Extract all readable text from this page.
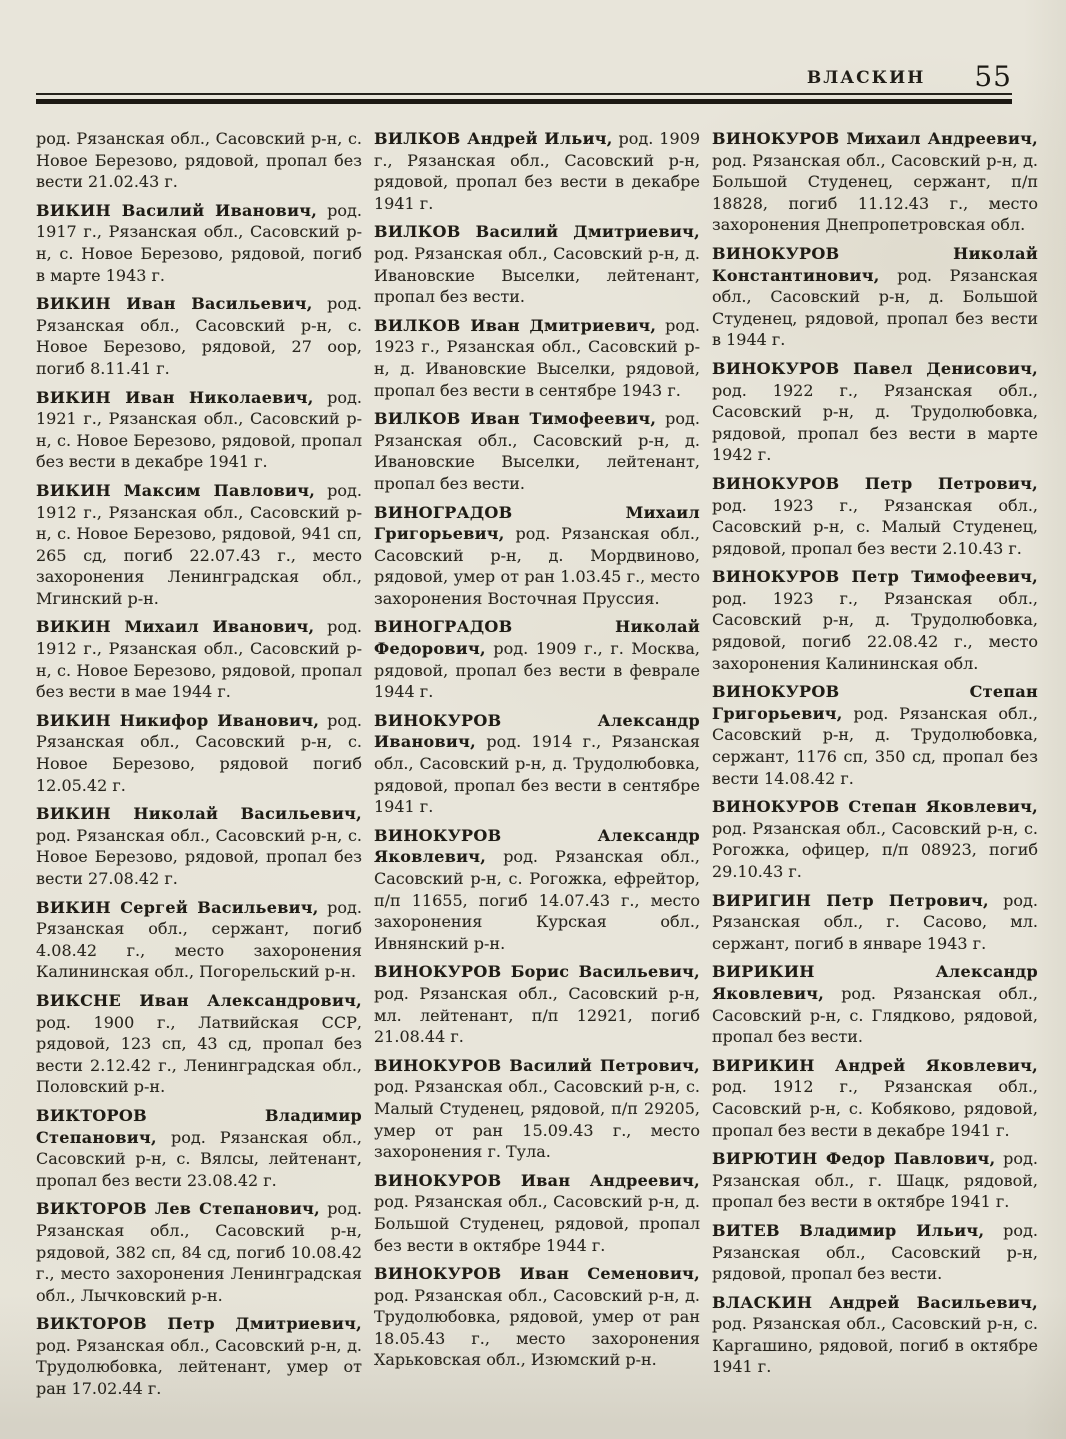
ВЛАСКИН 55

род. Рязанская обл., Сасовский р-н, с. Новое Березово, рядовой, пропал без вести 21.02.43 г.

ВИКИН Василий Иванович, род. 1917 г., Рязанская обл., Сасовский р-н, с. Новое Березово, рядовой, погиб в марте 1943 г.

ВИКИН Иван Васильевич, род. Рязанская обл., Сасовский р-н, с. Новое Березово, рядовой, 27 оор, погиб 8.11.41 г.

ВИКИН Иван Николаевич, род. 1921 г., Рязанская обл., Сасовский р-н, с. Новое Березово, рядовой, пропал без вести в декабре 1941 г.

ВИКИН Максим Павлович, род. 1912 г., Рязанская обл., Сасовский р-н, с. Новое Березово, рядовой, 941 сп, 265 сд, погиб 22.07.43 г., место захоронения Ленинградская обл., Мгинский р-н.

ВИКИН Михаил Иванович, род. 1912 г., Рязанская обл., Сасовский р-н, с. Новое Березово, рядовой, пропал без вести в мае 1944 г.

ВИКИН Никифор Иванович, род. Рязанская обл., Сасовский р-н, с. Новое Березово, рядовой погиб 12.05.42 г.

ВИКИН Николай Васильевич, род. Рязанская обл., Сасовский р-н, с. Новое Березово, рядовой, пропал без вести 27.08.42 г.

ВИКИН Сергей Васильевич, род. Рязанская обл., сержант, погиб 4.08.42 г., место захоронения Калининская обл., Погорельский р-н.

ВИКСНЕ Иван Александрович, род. 1900 г., Латвийская ССР, рядовой, 123 сп, 43 сд, пропал без вести 2.12.42 г., Ленинградская обл., Половский р-н.

ВИКТОРОВ Владимир Степанович, род. Рязанская обл., Сасовский р-н, с. Вялсы, лейтенант, пропал без вести 23.08.42 г.

ВИКТОРОВ Лев Степанович, род. Рязанская обл., Сасовский р-н, рядовой, 382 сп, 84 сд, погиб 10.08.42 г., место захоронения Ленинградская обл., Лычковский р-н.

ВИКТОРОВ Петр Дмитриевич, род. Рязанская обл., Сасовский р-н, д. Трудолюбовка, лейтенант, умер от ран 17.02.44 г.

ВИЛКОВ Андрей Ильич, род. 1909 г., Рязанская обл., Сасовский р-н, рядовой, пропал без вести в декабре 1941 г.

ВИЛКОВ Василий Дмитриевич, род. Рязанская обл., Сасовский р-н, д. Ивановские Выселки, лейтенант, пропал без вести.

ВИЛКОВ Иван Дмитриевич, род. 1923 г., Рязанская обл., Сасовский р-н, д. Ивановские Выселки, рядовой, пропал без вести в сентябре 1943 г.

ВИЛКОВ Иван Тимофеевич, род. Рязанская обл., Сасовский р-н, д. Ивановские Выселки, лейтенант, пропал без вести.

ВИНОГРАДОВ Михаил Григорьевич, род. Рязанская обл., Сасовский р-н, д. Мордвиново, рядовой, умер от ран 1.03.45 г., место захоронения Восточная Пруссия.

ВИНОГРАДОВ Николай Федорович, род. 1909 г., г. Москва, рядовой, пропал без вести в феврале 1944 г.

ВИНОКУРОВ Александр Иванович, род. 1914 г., Рязанская обл., Сасовский р-н, д. Трудолюбовка, рядовой, пропал без вести в сентябре 1941 г.

ВИНОКУРОВ Александр Яковлевич, род. Рязанская обл., Сасовский р-н, с. Рогожка, ефрейтор, п/п 11655, погиб 14.07.43 г., место захоронения Курская обл., Ивнянский р-н.

ВИНОКУРОВ Борис Васильевич, род. Рязанская обл., Сасовский р-н, мл. лейтенант, п/п 12921, погиб 21.08.44 г.

ВИНОКУРОВ Василий Петрович, род. Рязанская обл., Сасовский р-н, с. Малый Студенец, рядовой, п/п 29205, умер от ран 15.09.43 г., место захоронения г. Тула.

ВИНОКУРОВ Иван Андреевич, род. Рязанская обл., Сасовский р-н, д. Большой Студенец, рядовой, пропал без вести в октябре 1944 г.

ВИНОКУРОВ Иван Семенович, род. Рязанская обл., Сасовский р-н, д. Трудолюбовка, рядовой, умер от ран 18.05.43 г., место захоронения Харьковская обл., Изюмский р-н.

ВИНОКУРОВ Михаил Андреевич, род. Рязанская обл., Сасовский р-н, д. Большой Студенец, сержант, п/п 18828, погиб 11.12.43 г., место захоронения Днепропетровская обл.

ВИНОКУРОВ Николай Константинович, род. Рязанская обл., Сасовский р-н, д. Большой Студенец, рядовой, пропал без вести в 1944 г.

ВИНОКУРОВ Павел Денисович, род. 1922 г., Рязанская обл., Сасовский р-н, д. Трудолюбовка, рядовой, пропал без вести в марте 1942 г.

ВИНОКУРОВ Петр Петрович, род. 1923 г., Рязанская обл., Сасовский р-н, с. Малый Студенец, рядовой, пропал без вести 2.10.43 г.

ВИНОКУРОВ Петр Тимофеевич, род. 1923 г., Рязанская обл., Сасовский р-н, д. Трудолюбовка, рядовой, погиб 22.08.42 г., место захоронения Калининская обл.

ВИНОКУРОВ Степан Григорьевич, род. Рязанская обл., Сасовский р-н, д. Трудолюбовка, сержант, 1176 сп, 350 сд, пропал без вести 14.08.42 г.

ВИНОКУРОВ Степан Яковлевич, род. Рязанская обл., Сасовский р-н, с. Рогожка, офицер, п/п 08923, погиб 29.10.43 г.

ВИРИГИН Петр Петрович, род. Рязанская обл., г. Сасово, мл. сержант, погиб в январе 1943 г.

ВИРИКИН Александр Яковлевич, род. Рязанская обл., Сасовский р-н, с. Глядково, рядовой, пропал без вести.

ВИРИКИН Андрей Яковлевич, род. 1912 г., Рязанская обл., Сасовский р-н, с. Кобяково, рядовой, пропал без вести в декабре 1941 г.

ВИРЮТИН Федор Павлович, род. Рязанская обл., г. Шацк, рядовой, пропал без вести в октябре 1941 г.

ВИТЕВ Владимир Ильич, род. Рязанская обл., Сасовский р-н, рядовой, пропал без вести.

ВЛАСКИН Андрей Васильевич, род. Рязанская обл., Сасовский р-н, с. Каргашино, рядовой, погиб в октябре 1941 г.
